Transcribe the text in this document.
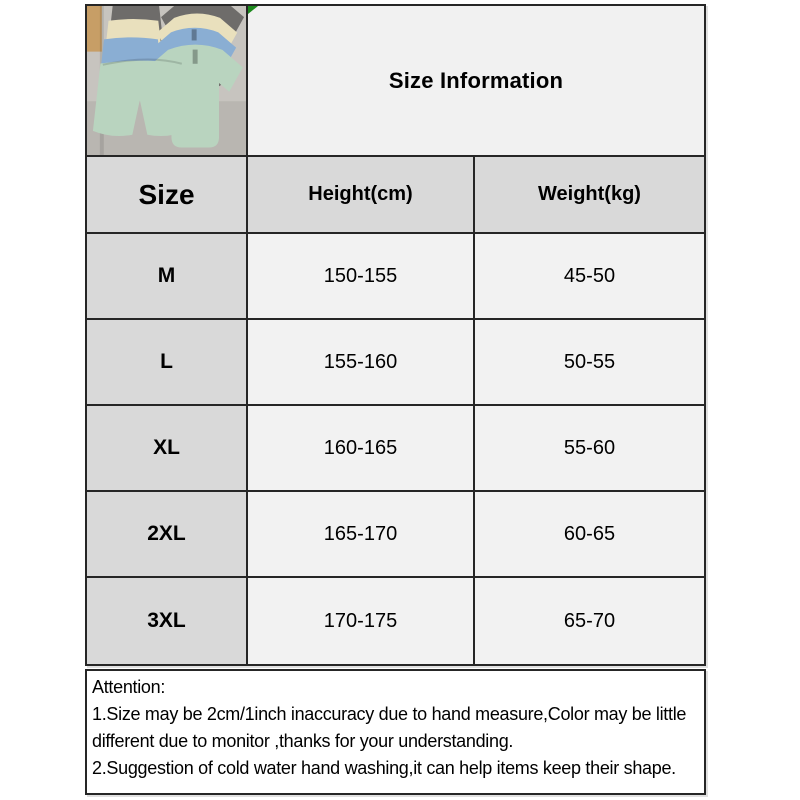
Size Information
Size	Height(cm)	Weight(kg)
M	150-155	45-50
L	155-160	50-55
XL	160-165	55-60
2XL	165-170	60-65
3XL	170-175	65-70
Attention:
1.Size may be 2cm/1inch inaccuracy due to hand measure,Color may be little different due to monitor ,thanks for your understanding.
2.Suggestion of cold water hand washing,it can help items keep their shape.
